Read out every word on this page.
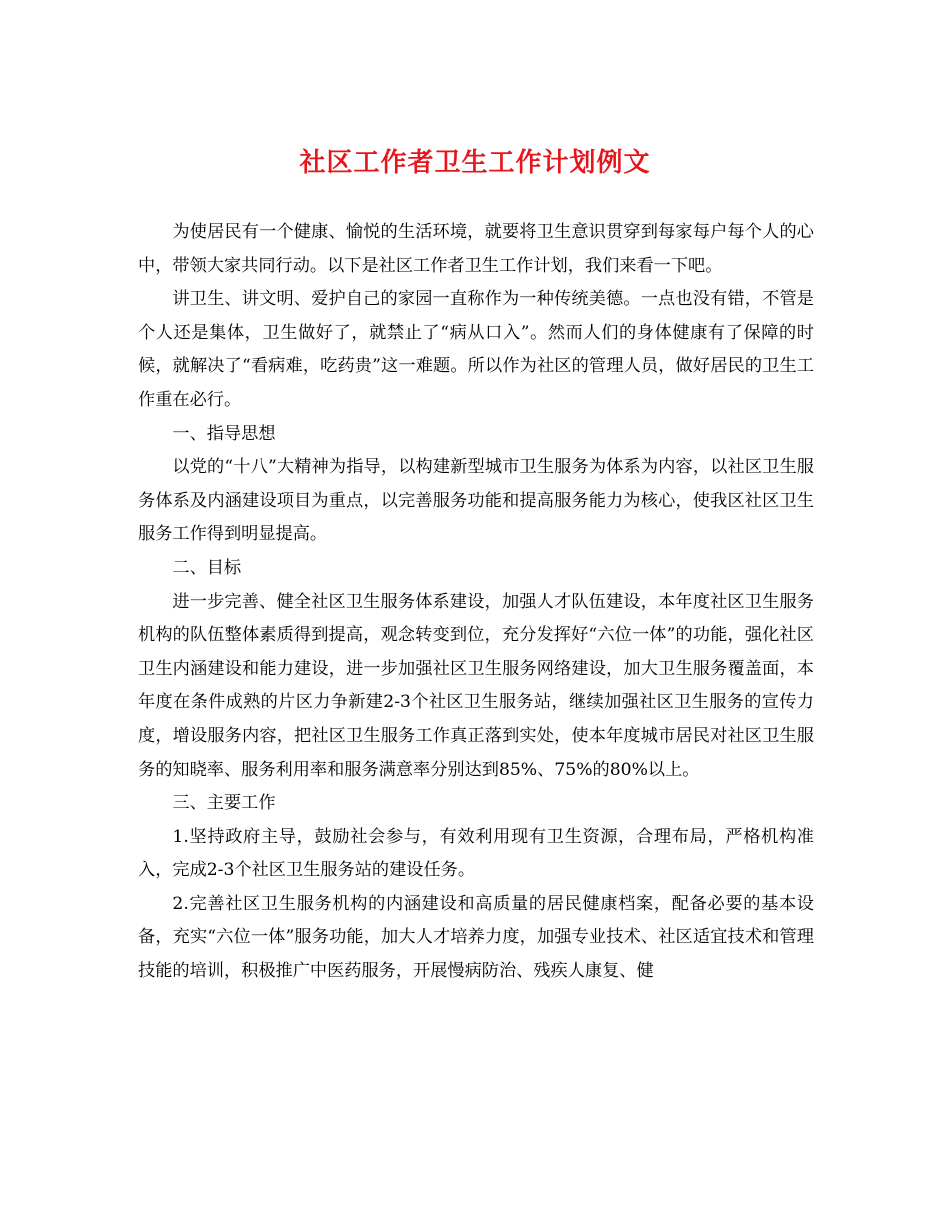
社区工作者卫生工作计划例文

为使居民有一个健康、愉悦的生活环境，就要将卫生意识贯穿到每家每户每个人的心中，带领大家共同行动。以下是社区工作者卫生工作计划，我们来看一下吧。

讲卫生、讲文明、爱护自己的家园一直称作为一种传统美德。一点也没有错，不管是个人还是集体，卫生做好了，就禁止了“病从口入”。然而人们的身体健康有了保障的时候，就解决了“看病难，吃药贵”这一难题。所以作为社区的管理人员，做好居民的卫生工作重在必行。

一、指导思想

以党的“十八”大精神为指导，以构建新型城市卫生服务为体系为内容，以社区卫生服务体系及内涵建设项目为重点，以完善服务功能和提高服务能力为核心，使我区社区卫生服务工作得到明显提高。

二、目标

进一步完善、健全社区卫生服务体系建设，加强人才队伍建设，本年度社区卫生服务机构的队伍整体素质得到提高，观念转变到位，充分发挥好“六位一体”的功能，强化社区卫生内涵建设和能力建设，进一步加强社区卫生服务网络建设，加大卫生服务覆盖面，本年度在条件成熟的片区力争新建2-3个社区卫生服务站，继续加强社区卫生服务的宣传力度，增设服务内容，把社区卫生服务工作真正落到实处，使本年度城市居民对社区卫生服务的知晓率、服务利用率和服务满意率分别达到85%、75%的80%以上。

三、主要工作

1.坚持政府主导，鼓励社会参与，有效利用现有卫生资源，合理布局，严格机构准入，完成2-3个社区卫生服务站的建设任务。

2.完善社区卫生服务机构的内涵建设和高质量的居民健康档案，配备必要的基本设备，充实“六位一体”服务功能，加大人才培养力度，加强专业技术、社区适宜技术和管理技能的培训，积极推广中医药服务，开展慢病防治、残疾人康复、健
